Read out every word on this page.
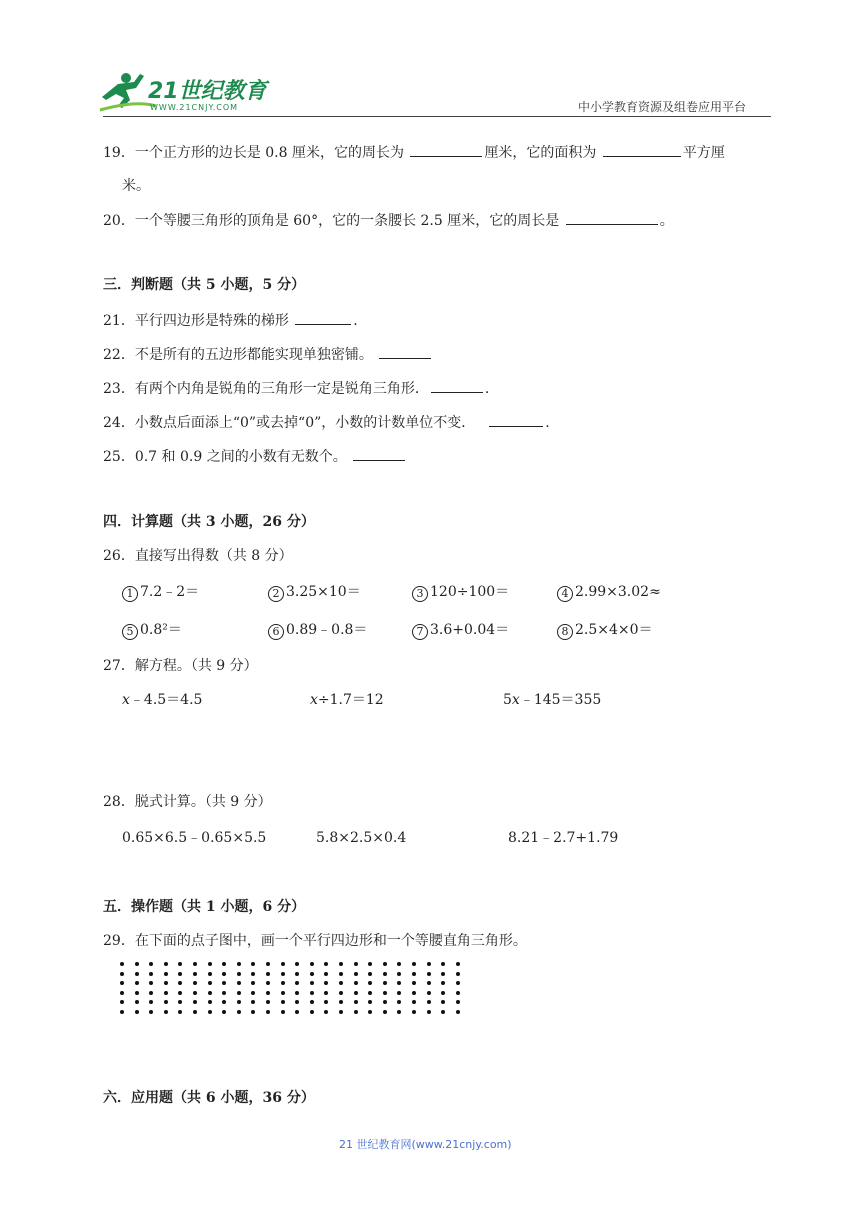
21世纪教育
WWW.21CNJY.COM	中小学教育资源及组卷应用平台
19．一个正方形的边长是 0.8 厘米，它的周长为	厘米，它的面积为	平方厘
米。
20．一个等腰三角形的顶角是 60°，它的一条腰长 2.5 厘米，它的周长是	。
三．判断题（共 5 小题，5 分）
21．平行四边形是特殊的梯形	.
22．不是所有的五边形都能实现单独密铺。
23．有两个内角是锐角的三角形一定是锐角三角形．	.
24．小数点后面添上“0”或去掉“0”，小数的计数单位不变．	.
25．0.7 和 0.9 之间的小数有无数个。
四．计算题（共 3 小题，26 分）
26．直接写出得数（共 8 分）
1 7.2﹣2＝	2 3.25×10＝	3 120÷100＝	4 2.99×3.02≈
5 0.8²＝	6 0.89﹣0.8＝	7 3.6+0.04＝	8 2.5×4×0＝
27．解方程。（共 9 分）
x﹣4.5＝4.5	x÷1.7＝12	5x﹣145＝355
28．脱式计算。（共 9 分）
0.65×6.5﹣0.65×5.5	5.8×2.5×0.4	8.21﹣2.7+1.79
五．操作题（共 1 小题，6 分）
29．在下面的点子图中，画一个平行四边形和一个等腰直角三角形。
六．应用题（共 6 小题，36 分）
21 世纪教育网(www.21cnjy.com)
